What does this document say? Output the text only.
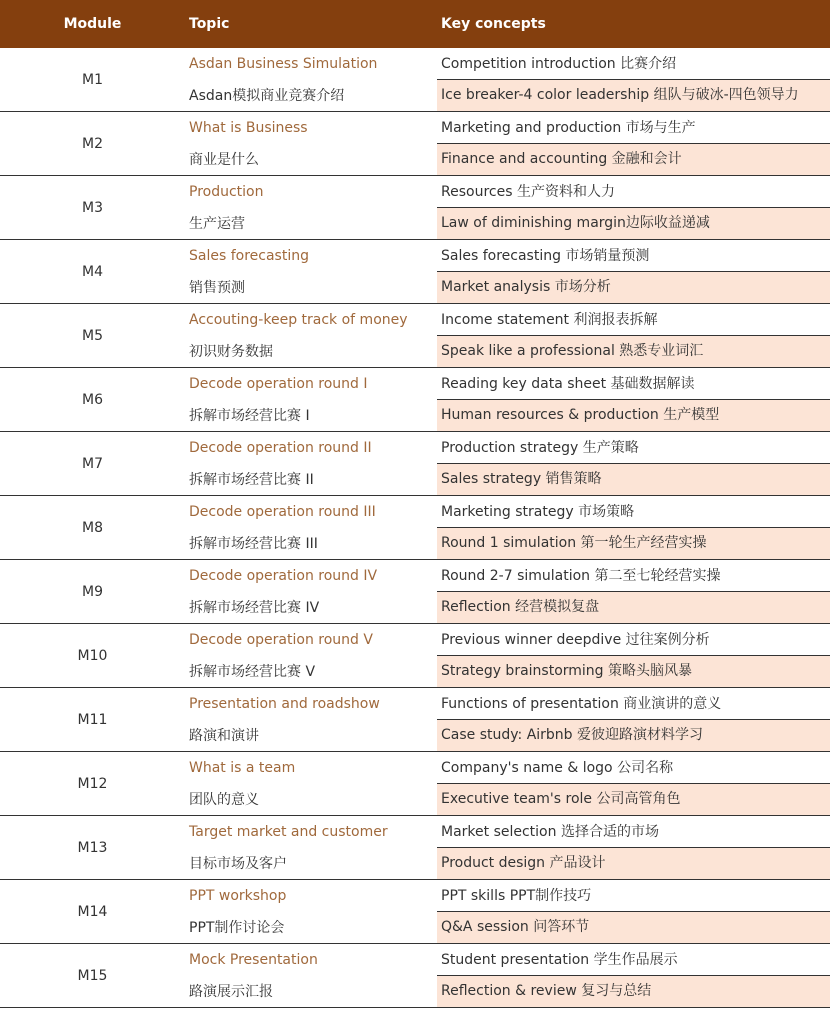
Module	Topic	Key concepts
M1
Asdan Business Simulation
Asdan模拟商业竞赛介绍
Competition introduction 比赛介绍
Ice breaker-4 color leadership 组队与破冰-四色领导力
M2
What is Business
商业是什么
Marketing and production 市场与生产
Finance and accounting 金融和会计
M3
Production
生产运营
Resources 生产资料和人力
Law of diminishing margin边际收益递减
M4
Sales forecasting
销售预测
Sales forecasting 市场销量预测
Market analysis 市场分析
M5
Accouting-keep track of money
初识财务数据
Income statement 利润报表拆解
Speak like a professional 熟悉专业词汇
M6
Decode operation round I
拆解市场经营比赛 I
Reading key data sheet 基础数据解读
Human resources & production 生产模型
M7
Decode operation round II
拆解市场经营比赛 II
Production strategy 生产策略
Sales strategy 销售策略
M8
Decode operation round III
拆解市场经营比赛 III
Marketing strategy 市场策略
Round 1 simulation 第一轮生产经营实操
M9
Decode operation round IV
拆解市场经营比赛 IV
Round 2-7 simulation 第二至七轮经营实操
Reflection 经营模拟复盘
M10
Decode operation round V
拆解市场经营比赛 V
Previous winner deepdive 过往案例分析
Strategy brainstorming 策略头脑风暴
M11
Presentation and roadshow
路演和演讲
Functions of presentation 商业演讲的意义
Case study: Airbnb 爱彼迎路演材料学习
M12
What is a team
团队的意义
Company's name & logo 公司名称
Executive team's role 公司高管角色
M13
Target market and customer
目标市场及客户
Market selection 选择合适的市场
Product design 产品设计
M14
PPT workshop
PPT制作讨论会
PPT skills PPT制作技巧
Q&A session 问答环节
M15
Mock Presentation
路演展示汇报
Student presentation 学生作品展示
Reflection & review 复习与总结
